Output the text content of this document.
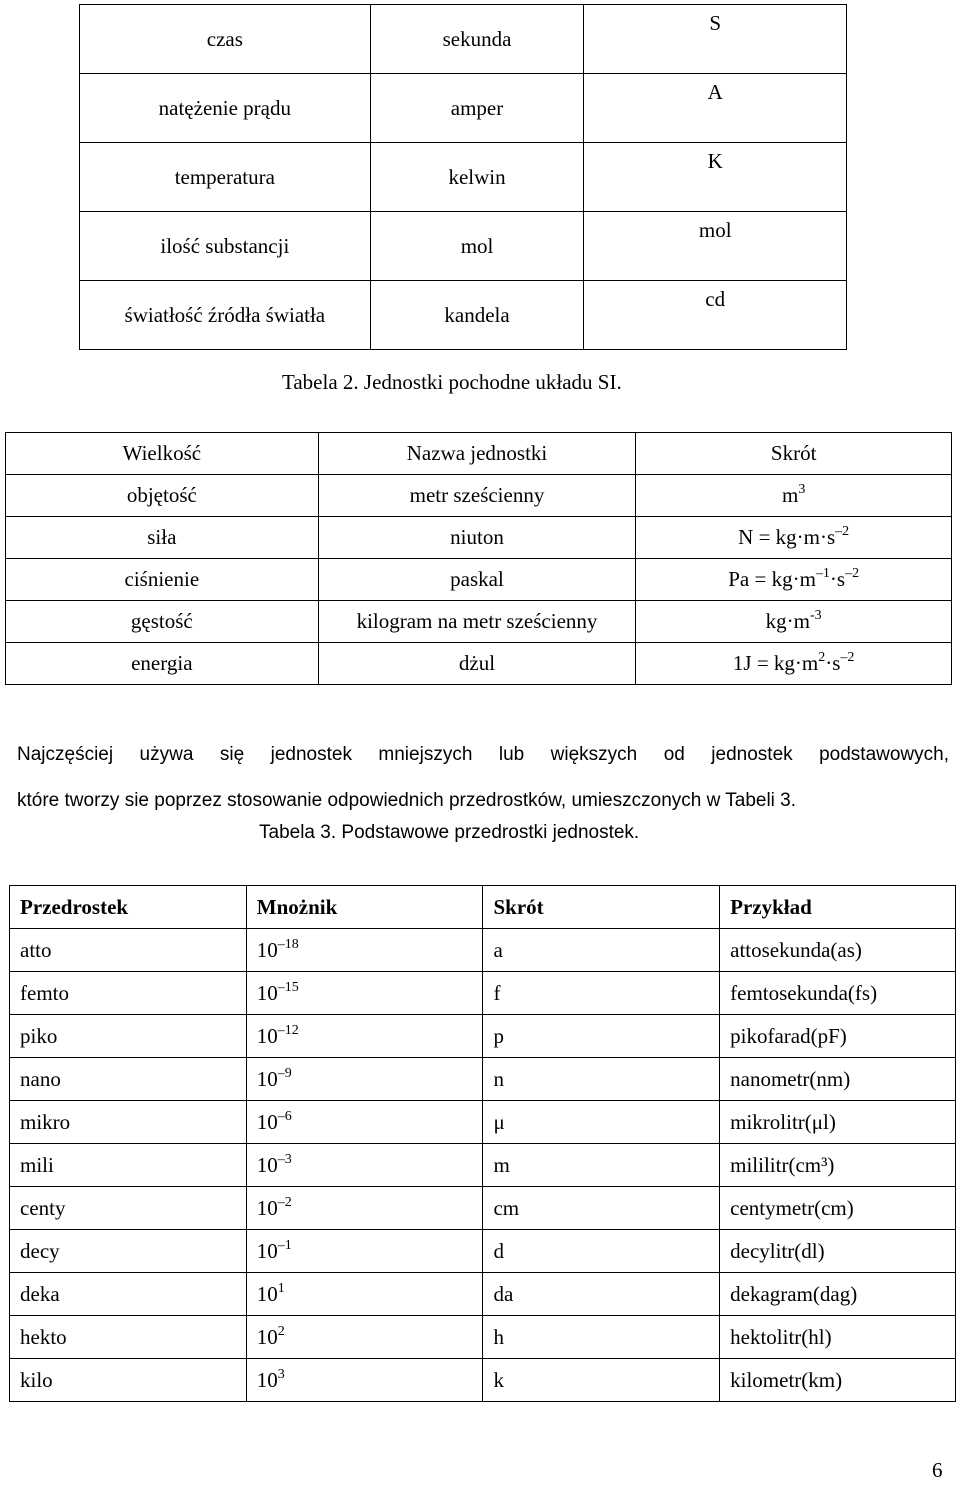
czas	sekunda	S
natężenie prądu	amper	A
temperatura	kelwin	K
ilość substancji	mol	mol
światłość źródła światła	kandela	cd
Tabela 2. Jednostki pochodne układu SI.
Wielkość	Nazwa jednostki	Skrót
objętość	metr sześcienny	$m^3$
siła	niuton	$N = kg\cdot m\cdot s^{-2}$
ciśnienie	paskal	$Pa = kg\cdot m^{-1}\cdot s^{-2}$
gęstość	kilogram na metr sześcienny	$kg\cdot m^{-3}$
energia	dżul	$1J = kg\cdot m^2\cdot s^{-2}$
Najczęściej używa się jednostek mniejszych lub większych od jednostek podstawowych,
które tworzy sie poprzez stosowanie odpowiednich przedrostków, umieszczonych w Tabeli 3.
Tabela 3. Podstawowe przedrostki jednostek.
Przedrostek	Mnożnik	Skrót	Przykład
atto	$10^{-18}$	a	attosekunda(as)
femto	$10^{-15}$	f	femtosekunda(fs)
piko	$10^{-12}$	p	pikofarad(pF)
nano	$10^{-9}$	n	nanometr(nm)
mikro	$10^{-6}$	μ	mikrolitr(μl)
mili	$10^{-3}$	m	mililitr(cm³)
centy	$10^{-2}$	cm	centymetr(cm)
decy	$10^{-1}$	d	decylitr(dl)
deka	$10^1$	da	dekagram(dag)
hekto	$10^2$	h	hektolitr(hl)
kilo	$10^3$	k	kilometr(km)
6
